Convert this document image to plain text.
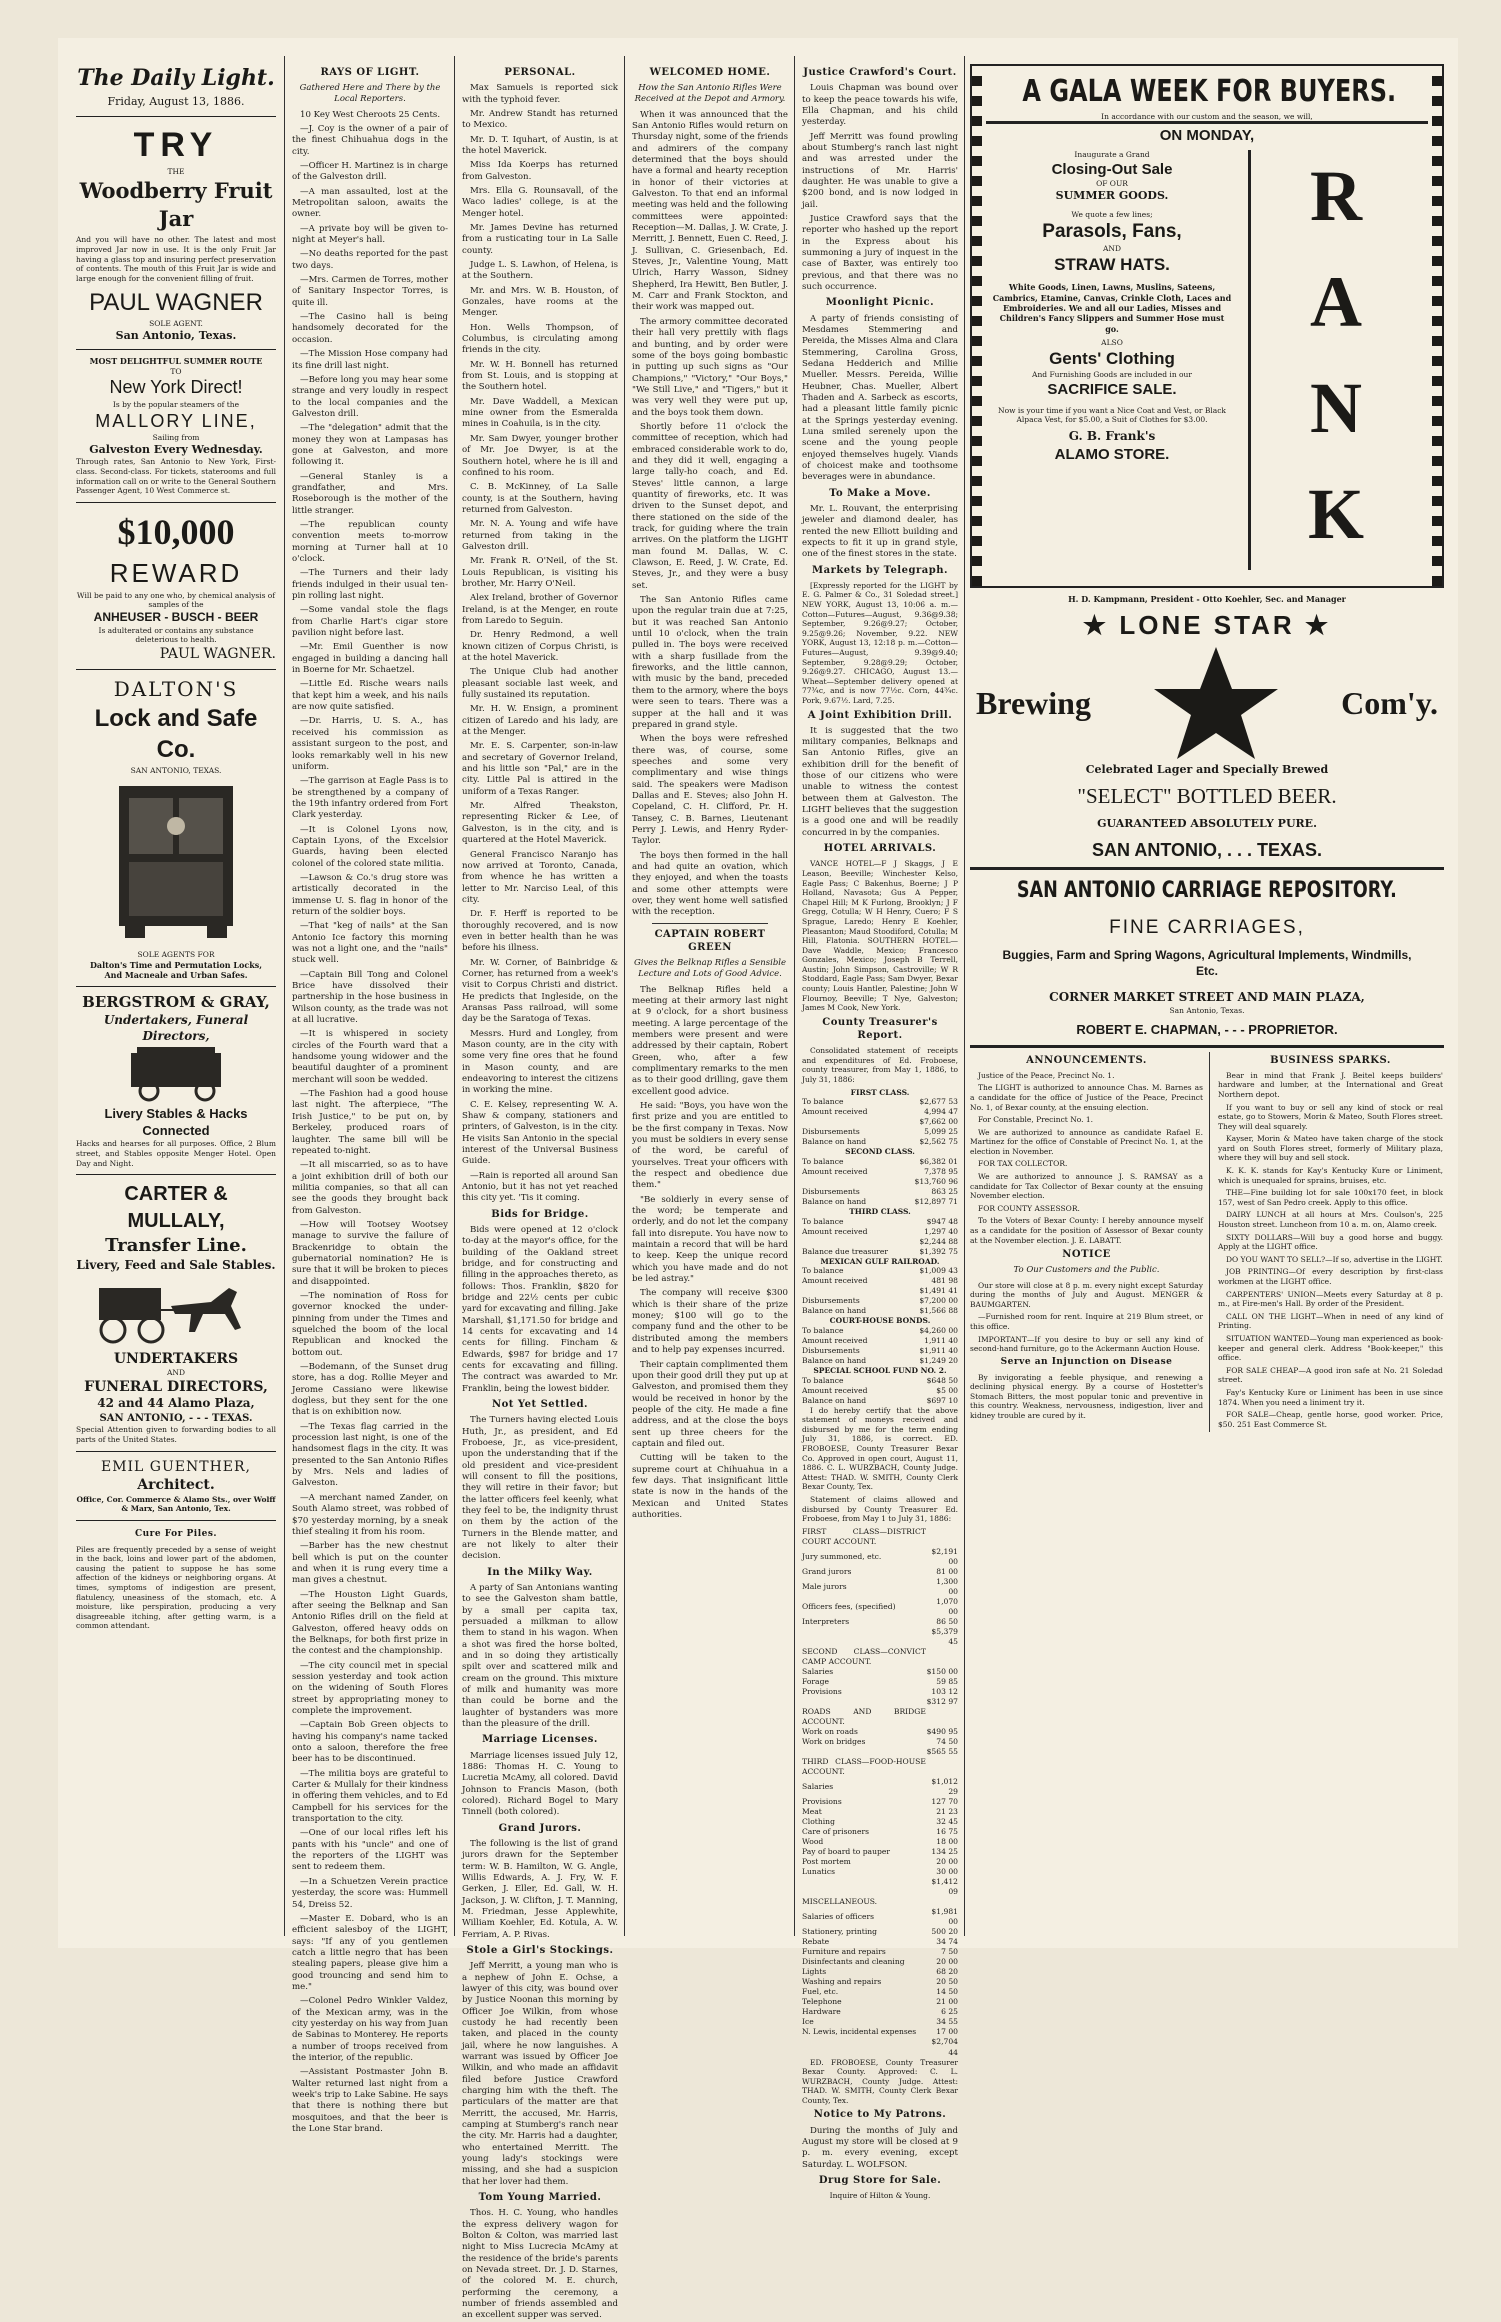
The Daily Light.
Friday, August 13, 1886.
TRY
THE
Woodberry Fruit Jar
And you will have no other. The latest and most improved Jar now in use. It is the only Fruit Jar having a glass top and insuring perfect preservation of contents. The mouth of this Fruit Jar is wide and large enough for the convenient filling of fruit.
PAUL WAGNER
SOLE AGENT.
San Antonio, Texas.
MOST DELIGHTFUL SUMMER ROUTE
TO
New York Direct!
Is by the popular steamers of the
MALLORY LINE,
Sailing from
Galveston Every Wednesday.
Through rates, San Antonio to New York, First-class. Second-class. For tickets, staterooms and full information call on or write to the General Southern Passenger Agent, 10 West Commerce st.
$10,000
REWARD
Will be paid to any one who, by chemical analysis of samples of the
ANHEUSER - BUSCH - BEER
Is adulterated or contains any substance deleterious to health.
PAUL WAGNER.
DALTON'S
Lock and Safe Co.
SAN ANTONIO, TEXAS.
SOLE AGENTS FOR
Dalton's Time and Permutation Locks,
And Macneale and Urban Safes.
BERGSTROM & GRAY,
Undertakers, Funeral Directors,
Livery Stables & Hacks Connected
Hacks and hearses for all purposes. Office, 2 Blum street, and Stables opposite Menger Hotel. Open Day and Night.
CARTER & MULLALY,
Transfer Line.
Livery, Feed and Sale Stables.
UNDERTAKERS
AND
FUNERAL DIRECTORS,
42 and 44 Alamo Plaza,
SAN ANTONIO, - - - TEXAS.
Special Attention given to forwarding bodies to all parts of the United States.
EMIL GUENTHER,
Architect.
Office, Cor. Commerce & Alamo Sts., over Wolff & Marx, San Antonio, Tex.
Cure For Piles.
Piles are frequently preceded by a sense of weight in the back, loins and lower part of the abdomen, causing the patient to suppose he has some affection of the kidneys or neighboring organs. At times, symptoms of indigestion are present, flatulency, uneasiness of the stomach, etc. A moisture, like perspiration, producing a very disagreeable itching, after getting warm, is a common attendant.
RAYS OF LIGHT.
Gathered Here and There by the Local Reporters.

10 Key West Cheroots 25 Cents.

—J. Coy is the owner of a pair of the finest Chihuahua dogs in the city.

—Officer H. Martinez is in charge of the Galveston drill.

—A man assaulted, lost at the Metropolitan saloon, awaits the owner.

—A private boy will be given to-night at Meyer's hall.

—No deaths reported for the past two days.

—Mrs. Carmen de Torres, mother of Sanitary Inspector Torres, is quite ill.

—The Casino hall is being handsomely decorated for the occasion.

—The Mission Hose company had its fine drill last night.

—Before long you may hear some strange and very loudly in respect to the local companies and the Galveston drill.

—The "delegation" admit that the money they won at Lampasas has gone at Galveston, and more following it.

—General Stanley is a grandfather, and Mrs. Roseborough is the mother of the little stranger.

—The republican county convention meets to-morrow morning at Turner hall at 10 o'clock.

—The Turners and their lady friends indulged in their usual ten-pin rolling last night.

—Some vandal stole the flags from Charlie Hart's cigar store pavilion night before last.

—Mr. Emil Guenther is now engaged in building a dancing hall in Boerne for Mr. Schaetzel.

—Little Ed. Rische wears nails that kept him a week, and his nails are now quite satisfied.

—Dr. Harris, U. S. A., has received his commission as assistant surgeon to the post, and looks remarkably well in his new uniform.

—The garrison at Eagle Pass is to be strengthened by a company of the 19th infantry ordered from Fort Clark yesterday.

—It is Colonel Lyons now, Captain Lyons, of the Excelsior Guards, having been elected colonel of the colored state militia.

—Lawson & Co.'s drug store was artistically decorated in the immense U. S. flag in honor of the return of the soldier boys.

—That "keg of nails" at the San Antonio Ice factory this morning was not a light one, and the "nails" stuck well.

—Captain Bill Tong and Colonel Brice have dissolved their partnership in the hose business in Wilson county, as the trade was not at all lucrative.

—It is whispered in society circles of the Fourth ward that a handsome young widower and the beautiful daughter of a prominent merchant will soon be wedded.

—The Fashion had a good house last night. The afterpiece, "The Irish Justice," to be put on, by Berkeley, produced roars of laughter. The same bill will be repeated to-night.

—It all miscarried, so as to have a joint exhibition drill of both our militia companies, so that all can see the goods they brought back from Galveston.

—How will Tootsey Wootsey manage to survive the failure of Brackenridge to obtain the gubernatorial nomination? He is sure that it will be broken to pieces and disappointed.

—The nomination of Ross for governor knocked the under-pinning from under the Times and squelched the boom of the local Republican and knocked the bottom out.

—Bodemann, of the Sunset drug store, has a dog. Rollie Meyer and Jerome Cassiano were likewise dogless, but they sent for the one that is on exhibition now.

—The Texas flag carried in the procession last night, is one of the handsomest flags in the city. It was presented to the San Antonio Rifles by Mrs. Nels and ladies of Galveston.

—A merchant named Zander, on South Alamo street, was robbed of $70 yesterday morning, by a sneak thief stealing it from his room.

—Barber has the new chestnut bell which is put on the counter and when it is rung every time a man gives a chestnut.

—The Houston Light Guards, after seeing the Belknap and San Antonio Rifles drill on the field at Galveston, offered heavy odds on the Belknaps, for both first prize in the contest and the championship.

—The city council met in special session yesterday and took action on the widening of South Flores street by appropriating money to complete the improvement.

—Captain Bob Green objects to having his company's name tacked onto a saloon, therefore the free beer has to be discontinued.

—The militia boys are grateful to Carter & Mullaly for their kindness in offering them vehicles, and to Ed Campbell for his services for the transportation to the city.

—One of our local rifles left his pants with his "uncle" and one of the reporters of the LIGHT was sent to redeem them.

—In a Schuetzen Verein practice yesterday, the score was: Hummell 54, Dreiss 52.

—Master E. Dobard, who is an efficient salesboy of the LIGHT, says: "If any of you gentlemen catch a little negro that has been stealing papers, please give him a good trouncing and send him to me."

—Colonel Pedro Winkler Valdez, of the Mexican army, was in the city yesterday on his way from Juan de Sabinas to Monterey. He reports a number of troops received from the interior, of the republic.

—Assistant Postmaster John B. Walter returned last night from a week's trip to Lake Sabine. He says that there is nothing there but mosquitoes, and that the beer is the Lone Star brand.

PERSONAL.

Max Samuels is reported sick with the typhoid fever.

Mr. Andrew Standt has returned to Mexico.

Mr. D. T. Iquhart, of Austin, is at the hotel Maverick.

Miss Ida Koerps has returned from Galveston.

Mrs. Ella G. Rounsavall, of the Waco ladies' college, is at the Menger hotel.

Mr. James Devine has returned from a rusticating tour in La Salle county.

Judge L. S. Lawhon, of Helena, is at the Southern.

Mr. and Mrs. W. B. Houston, of Gonzales, have rooms at the Menger.

Hon. Wells Thompson, of Columbus, is circulating among friends in the city.

Mr. W. H. Bonnell has returned from St. Louis, and is stopping at the Southern hotel.

Mr. Dave Waddell, a Mexican mine owner from the Esmeralda mines in Coahuila, is in the city.

Mr. Sam Dwyer, younger brother of Mr. Joe Dwyer, is at the Southern hotel, where he is ill and confined to his room.

C. B. McKinney, of La Salle county, is at the Southern, having returned from Galveston.

Mr. N. A. Young and wife have returned from taking in the Galveston drill.

Mr. Frank R. O'Neil, of the St. Louis Republican, is visiting his brother, Mr. Harry O'Neil.

Alex Ireland, brother of Governor Ireland, is at the Menger, en route from Laredo to Seguin.

Dr. Henry Redmond, a well known citizen of Corpus Christi, is at the hotel Maverick.

The Unique Club had another pleasant sociable last week, and fully sustained its reputation.

Mr. H. W. Ensign, a prominent citizen of Laredo and his lady, are at the Menger.

Mr. E. S. Carpenter, son-in-law and secretary of Governor Ireland, and his little son "Pal," are in the city. Little Pal is attired in the uniform of a Texas Ranger.

Mr. Alfred Theakston, representing Ricker & Lee, of Galveston, is in the city, and is quartered at the Hotel Maverick.

General Francisco Naranjo has now arrived at Toronto, Canada, from whence he has written a letter to Mr. Narciso Leal, of this city.

Dr. F. Herff is reported to be thoroughly recovered, and is now even in better health than he was before his illness.

Mr. W. Corner, of Bainbridge & Corner, has returned from a week's visit to Corpus Christi and district. He predicts that Ingleside, on the Aransas Pass railroad, will some day be the Saratoga of Texas.

Messrs. Hurd and Longley, from Mason county, are in the city with some very fine ores that he found in Mason county, and are endeavoring to interest the citizens in working the mine.

C. E. Kelsey, representing W. A. Shaw & company, stationers and printers, of Galveston, is in the city. He visits San Antonio in the special interest of the Universal Business Guide.

—Rain is reported all around San Antonio, but it has not yet reached this city yet. 'Tis it coming.

Bids for Bridge.

Bids were opened at 12 o'clock to-day at the mayor's office, for the building of the Oakland street bridge, and for constructing and filling in the approaches thereto, as follows: Thos. Franklin, $820 for bridge and 22½ cents per cubic yard for excavating and filling. Jake Marshall, $1,171.50 for bridge and 14 cents for excavating and 14 cents for filling. Fincham & Edwards, $987 for bridge and 17 cents for excavating and filling. The contract was awarded to Mr. Franklin, being the lowest bidder.

Not Yet Settled.

The Turners having elected Louis Huth, Jr., as president, and Ed Froboese, Jr., as vice-president, upon the understanding that if the old president and vice-president will consent to fill the positions, they will retire in their favor; but the latter officers feel keenly, what they feel to be, the indignity thrust on them by the action of the Turners in the Blende matter, and are not likely to alter their decision.

In the Milky Way.

A party of San Antonians wanting to see the Galveston sham battle, by a small per capita tax, persuaded a milkman to allow them to stand in his wagon. When a shot was fired the horse bolted, and in so doing they artistically spilt over and scattered milk and cream on the ground. This mixture of milk and humanity was more than could be borne and the laughter of bystanders was more than the pleasure of the drill.

Marriage Licenses.

Marriage licenses issued July 12, 1886: Thomas H. C. Young to Lucretia McAmy, all colored. David Johnson to Francis Mason, (both colored). Richard Bogel to Mary Tinnell (both colored).

Grand Jurors.

The following is the list of grand jurors drawn for the September term: W. B. Hamilton, W. G. Angle, Willis Edwards, A. J. Fry, W. F. Gerken, J. Eller, Ed. Gall, W. H. Jackson, J. W. Clifton, J. T. Manning, M. Friedman, Jesse Applewhite, William Koehler, Ed. Kotula, A. W. Ferriam, A. P. Rivas.

Stole a Girl's Stockings.

Jeff Merritt, a young man who is a nephew of John E. Ochse, a lawyer of this city, was bound over by Justice Noonan this morning by Officer Joe Wilkin, from whose custody he had recently been taken, and placed in the county jail, where he now languishes. A warrant was issued by Officer Joe Wilkin, and who made an affidavit filed before Justice Crawford charging him with the theft. The particulars of the matter are that Merritt, the accused, Mr. Harris, camping at Stumberg's ranch near the city. Mr. Harris had a daughter, who entertained Merritt. The young lady's stockings were missing, and she had a suspicion that her lover had them.

Tom Young Married.

Thos. H. C. Young, who handles the express delivery wagon for Bolton & Colton, was married last night to Miss Lucrecia McAmy at the residence of the bride's parents on Nevada street. Dr. J. D. Starnes, of the colored M. E. church, performing the ceremony, a number of friends assembled and an excellent supper was served.

WELCOMED HOME.
How the San Antonio Rifles Were Received at the Depot and Armory.

When it was announced that the San Antonio Rifles would return on Thursday night, some of the friends and admirers of the company determined that the boys should have a formal and hearty reception in honor of their victories at Galveston. To that end an informal meeting was held and the following committees were appointed: Reception—M. Dallas, J. W. Crate, J. Merritt, J. Bennett, Euen C. Reed, J. J. Sullivan, C. Griesenbach, Ed. Steves, Jr., Valentine Young, Matt Ulrich, Harry Wasson, Sidney Shepherd, Ira Hewitt, Ben Butler, J. M. Carr and Frank Stockton, and their work was mapped out.

The armory committee decorated their hall very prettily with flags and bunting, and by order were some of the boys going bombastic in putting up such signs as "Our Champions," "Victory," "Our Boys," "We Still Live," and "Tigers," but it was very well they were put up, and the boys took them down.

Shortly before 11 o'clock the committee of reception, which had embraced considerable work to do, and they did it well, engaging a large tally-ho coach, and Ed. Steves' little cannon, a large quantity of fireworks, etc. It was driven to the Sunset depot, and there stationed on the side of the track, for guiding where the train arrives. On the platform the LIGHT man found M. Dallas, W. C. Clawson, E. Reed, J. W. Crate, Ed. Steves, Jr., and they were a busy set.

The San Antonio Rifles came upon the regular train due at 7:25, but it was reached San Antonio until 10 o'clock, when the train pulled in. The boys were received with a sharp fusillade from the fireworks, and the little cannon, with music by the band, preceded them to the armory, where the boys were seen to tears. There was a supper at the hall and it was prepared in grand style.

When the boys were refreshed there was, of course, some speeches and some very complimentary and wise things said. The speakers were Madison Dallas and E. Steves; also John H. Copeland, C. H. Clifford, Pr. H. Tansey, C. B. Barnes, Lieutenant Perry J. Lewis, and Henry Ryder-Taylor.

The boys then formed in the hall and had quite an ovation, which they enjoyed, and when the toasts and some other attempts were over, they went home well satisfied with the reception.

CAPTAIN ROBERT GREEN
Gives the Belknap Rifles a Sensible Lecture and Lots of Good Advice.

The Belknap Rifles held a meeting at their armory last night at 9 o'clock, for a short business meeting. A large percentage of the members were present and were addressed by their captain, Robert Green, who, after a few complimentary remarks to the men as to their good drilling, gave them excellent good advice.

He said: "Boys, you have won the first prize and you are entitled to be the first company in Texas. Now you must be soldiers in every sense of the word, be careful of yourselves. Treat your officers with the respect and obedience due them."

"Be soldierly in every sense of the word; be temperate and orderly, and do not let the company fall into disrepute. You have now to maintain a record that will be hard to keep. Keep the unique record which you have made and do not be led astray."

The company will receive $300 which is their share of the prize money; $100 will go to the company fund and the other to be distributed among the members and to help pay expenses incurred.

Their captain complimented them upon their good drill they put up at Galveston, and promised them they would be received in honor by the people of the city. He made a fine address, and at the close the boys sent up three cheers for the captain and filed out.

Cutting will be taken to the supreme court at Chihuahua in a few days. That insignificant little state is now in the hands of the Mexican and United States authorities.

Justice Crawford's Court.

Louis Chapman was bound over to keep the peace towards his wife, Ella Chapman, and his child yesterday.

Jeff Merritt was found prowling about Stumberg's ranch last night and was arrested under the instructions of Mr. Harris' daughter. He was unable to give a $200 bond, and is now lodged in jail.

Justice Crawford says that the reporter who hashed up the report in the Express about his summoning a jury of inquest in the case of Baxter, was entirely too previous, and that there was no such occurrence.

Moonlight Picnic.

A party of friends consisting of Mesdames Stemmering and Pereida, the Misses Alma and Clara Stemmering, Carolina Gross, Sedana Hedderich and Millie Mueller. Messrs. Pereida, Willie Heubner, Chas. Mueller, Albert Thaden and A. Sarbeck as escorts, had a pleasant little family picnic at the Springs yesterday evening. Luna smiled serenely upon the scene and the young people enjoyed themselves hugely. Viands of choicest make and toothsome beverages were in abundance.

To Make a Move.

Mr. L. Rouvant, the enterprising jeweler and diamond dealer, has rented the new Elliott building and expects to fit it up in grand style, one of the finest stores in the state.

Markets by Telegraph.

[Expressly reported for the LIGHT by E. G. Palmer & Co., 31 Soledad street.] NEW YORK, August 13, 10:06 a. m.—Cotton—Futures—August, 9.36@9.38; September, 9.26@9.27; October, 9.25@9.26; November, 9.22. NEW YORK, August 13, 12:18 p. m.—Cotton—Futures—August, 9.39@9.40; September, 9.28@9.29; October, 9.26@9.27. CHICAGO, August 13.—Wheat—September delivery opened at 77¾c, and is now 77½c. Corn, 44¾c. Pork, 9.67½. Lard, 7.25.

A Joint Exhibition Drill.

It is suggested that the two military companies, Belknaps and San Antonio Rifles, give an exhibition drill for the benefit of those of our citizens who were unable to witness the contest between them at Galveston. The LIGHT believes that the suggestion is a good one and will be readily concurred in by the companies.

HOTEL ARRIVALS.

VANCE HOTEL—F J Skaggs, J E Leason, Beeville; Winchester Kelso, Eagle Pass; C Bakenhus, Boerne; J P Holland, Navasota; Gus A Pepper, Chapel Hill; M K Furlong, Brooklyn; J F Gregg, Cotulla; W H Henry, Cuero; F S Sprague, Laredo; Henry E Koehler, Pleasanton; Maud Stoodiford, Cotulla; M Hill, Flatonia. SOUTHERN HOTEL—Dave Waddle, Mexico; Francesco Gonzales, Mexico; Joseph B Terrell, Austin; John Simpson, Castroville; W R Stoddard, Eagle Pass; Sam Dwyer, Bexar county; Louis Hantler, Palestine; John W Flournoy, Beeville; T Nye, Galveston; James M Cook, New York.

County Treasurer's Report.

Consolidated statement of receipts and expenditures of Ed. Froboese, county treasurer, from May 1, 1886, to July 31, 1886:

FIRST CLASS.
To balance	$2,677 53
Amount received	4,994 47
	$7,662 00
Disbursements	5,099 25
Balance on hand	$2,562 75
SECOND CLASS.
To balance	$6,382 01
Amount received	7,378 95
	$13,760 96
Disbursements	863 25
Balance on hand	$12,897 71
THIRD CLASS.
To balance	$947 48
Amount received	1,297 40
	$2,244 88
Balance due treasurer	$1,392 75
MEXICAN GULF RAILROAD.
To balance	$1,009 43
Amount received	481 98
	$1,491 41
Disbursements	$7,200 00
Balance on hand	$1,566 88
COURT-HOUSE BONDS.
To balance	$4,260 00
Amount received	1,911 40
Disbursements	$1,911 40
Balance on hand	$1,249 20
SPECIAL SCHOOL FUND NO. 2.
To balance	$648 50
Amount received	$5 00
Balance on hand	$697 10

I do hereby certify that the above statement of moneys received and disbursed by me for the term ending July 31, 1886, is correct. ED. FROBOESE, County Treasurer Bexar Co. Approved in open court, August 11, 1886. C. L. WURZBACH, County Judge. Attest: THAD. W. SMITH, County Clerk Bexar County, Tex.

Statement of claims allowed and disbursed by County Treasurer Ed. Froboese, from May 1 to July 31, 1886:

FIRST CLASS—DISTRICT COURT ACCOUNT.	
Jury summoned, etc.	$2,191 00
Grand jurors	81 00
Male jurors	1,300 00
Officers fees, (specified)	1,070 00
Interpreters	86 50
	$5,379 45
SECOND CLASS—CONVICT CAMP ACCOUNT.	
Salaries	$150 00
Forage	59 85
Provisions	103 12
	$312 97
ROADS AND BRIDGE ACCOUNT.	
Work on roads	$490 95
Work on bridges	74 50
	$565 55
THIRD CLASS—FOOD-HOUSE ACCOUNT.	
Salaries	$1,012 29
Provisions	127 70
Meat	21 23
Clothing	32 45
Care of prisoners	16 75
Wood	18 00
Pay of board to pauper	134 25
Post mortem	20 00
Lunatics	30 00
	$1,412 09
MISCELLANEOUS.	
Salaries of officers	$1,981 00
Stationery, printing	500 20
Rebate	34 74
Furniture and repairs	7 50
Disinfectants and cleaning	20 00
Lights	68 20
Washing and repairs	20 50
Fuel, etc.	14 50
Telephone	21 00
Hardware	6 25
Ice	34 55
N. Lewis, incidental expenses	17 00
	$2,704 44

ED. FROBOESE, County Treasurer Bexar County. Approved: C. L. WURZBACH, County Judge. Attest: THAD. W. SMITH, County Clerk Bexar County, Tex.

Notice to My Patrons.

During the months of July and August my store will be closed at 9 p. m. every evening, except Saturday. L. WOLFSON.

Drug Store for Sale.
Inquire of Hilton & Young.
A GALA WEEK FOR BUYERS.
In accordance with our custom and the season, we will,
ON MONDAY,
Inaugurate a Grand
Closing-Out Sale
OF OUR
SUMMER GOODS.
We quote a few lines;
Parasols, Fans,
AND
STRAW HATS.
White Goods, Linen, Lawns, Muslins, Sateens, Cambrics, Etamine, Canvas, Crinkle Cloth, Laces and Embroideries. We and all our Ladies, Misses and Children's Fancy Slippers and Summer Hose must go.
ALSO
Gents' Clothing
And Furnishing Goods are included in our
SACRIFICE SALE.
Now is your time if you want a Nice Coat and Vest, or Black Alpaca Vest, for $5.00, a Suit of Clothes for $3.00.
G. B. Frank's
ALAMO STORE.
R
A
N
K
H. D. Kampmann, President - Otto Koehler, Sec. and Manager
★ LONE STAR ★
Brewing	Com'y.
Celebrated Lager and Specially Brewed
"SELECT" BOTTLED BEER.
GUARANTEED ABSOLUTELY PURE.
SAN ANTONIO, . . . TEXAS.
SAN ANTONIO CARRIAGE REPOSITORY.
FINE CARRIAGES,
Buggies, Farm and Spring Wagons, Agricultural Implements, Windmills, Etc.
CORNER MARKET STREET AND MAIN PLAZA,
San Antonio, Texas.
ROBERT E. CHAPMAN, - - - PROPRIETOR.
ANNOUNCEMENTS.

Justice of the Peace, Precinct No. 1.

The LIGHT is authorized to announce Chas. M. Barnes as a candidate for the office of Justice of the Peace, Precinct No. 1, of Bexar county, at the ensuing election.

For Constable, Precinct No. 1.

We are authorized to announce as candidate Rafael E. Martinez for the office of Constable of Precinct No. 1, at the election in November.

FOR TAX COLLECTOR.

We are authorized to announce J. S. RAMSAY as a candidate for Tax Collector of Bexar county at the ensuing November election.

FOR COUNTY ASSESSOR.

To the Voters of Bexar County: I hereby announce myself as a candidate for the position of Assessor of Bexar county at the November election. J. E. LABATT.

NOTICE
To Our Customers and the Public.

Our store will close at 8 p. m. every night except Saturday during the months of July and August. MENGER & BAUMGARTEN.

—Furnished room for rent. Inquire at 219 Blum street, or this office.

IMPORTANT—If you desire to buy or sell any kind of second-hand furniture, go to the Ackermann Auction House.

Serve an Injunction on Disease

By invigorating a feeble physique, and renewing a declining physical energy. By a course of Hostetter's Stomach Bitters, the most popular tonic and preventive in this country. Weakness, nervousness, indigestion, liver and kidney trouble are cured by it.

BUSINESS SPARKS.

Bear in mind that Frank J. Beitel keeps builders' hardware and lumber, at the International and Great Northern depot.

If you want to buy or sell any kind of stock or real estate, go to Stowers, Morin & Mateo, South Flores street. They will deal squarely.

Kayser, Morin & Mateo have taken charge of the stock yard on South Flores street, formerly of Military plaza, where they will buy and sell stock.

K. K. K. stands for Kay's Kentucky Kure or Liniment, which is unequaled for sprains, bruises, etc.

THE—Fine building lot for sale 100x170 feet, in block 157, west of San Pedro creek. Apply to this office.

DAIRY LUNCH at all hours at Mrs. Coulson's, 225 Houston street. Luncheon from 10 a. m. on, Alamo creek.

SIXTY DOLLARS—Will buy a good horse and buggy. Apply at the LIGHT office.

DO YOU WANT TO SELL?—If so, advertise in the LIGHT.

JOB PRINTING—Of every description by first-class workmen at the LIGHT office.

CARPENTERS' UNION—Meets every Saturday at 8 p. m., at Fire-men's Hall. By order of the President.

CALL ON THE LIGHT—When in need of any kind of Printing.

SITUATION WANTED—Young man experienced as book-keeper and general clerk. Address "Book-keeper," this office.

FOR SALE CHEAP—A good iron safe at No. 21 Soledad street.

Fay's Kentucky Kure or Liniment has been in use since 1874. When you need a liniment try it.

FOR SALE—Cheap, gentle horse, good worker. Price, $50. 251 East Commerce St.
